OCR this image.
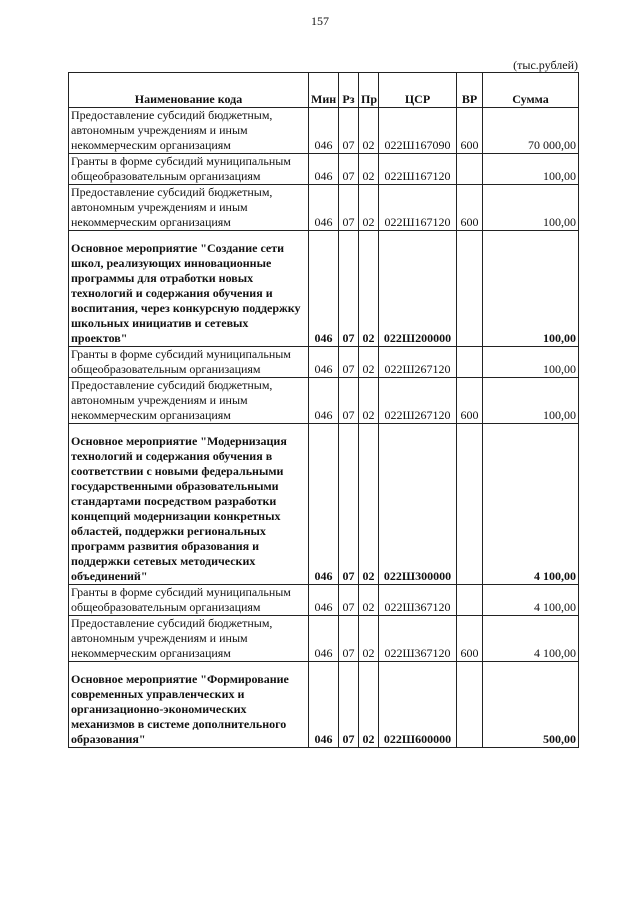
157
(тыс.рублей)
Наименование кода	Мин	Рз	Пр	ЦСР	ВР	Сумма
Предоставление субсидий бюджетным, автономным учреждениям и иным некоммерческим организациям	046	07	02	022Ш167090	600	70 000,00
Гранты в форме субсидий муниципальным общеобразовательным организациям	046	07	02	022Ш167120		100,00
Предоставление субсидий бюджетным, автономным учреждениям и иным некоммерческим организациям	046	07	02	022Ш167120	600	100,00
Основное мероприятие "Создание сети школ, реализующих инновационные программы для отработки новых технологий и содержания обучения и воспитания, через конкурсную поддержку школьных инициатив и сетевых проектов"	046	07	02	022Ш200000		100,00
Гранты в форме субсидий муниципальным общеобразовательным организациям	046	07	02	022Ш267120		100,00
Предоставление субсидий бюджетным, автономным учреждениям и иным некоммерческим организациям	046	07	02	022Ш267120	600	100,00
Основное мероприятие "Модернизация технологий и содержания обучения в соответствии с новыми федеральными государственными образовательными стандартами посредством разработки концепций модернизации конкретных областей, поддержки региональных программ развития образования и поддержки сетевых методических объединений"	046	07	02	022Ш300000		4 100,00
Гранты в форме субсидий муниципальным общеобразовательным организациям	046	07	02	022Ш367120		4 100,00
Предоставление субсидий бюджетным, автономным учреждениям и иным некоммерческим организациям	046	07	02	022Ш367120	600	4 100,00
Основное мероприятие "Формирование современных управленческих и организационно-экономических механизмов в системе дополнительного образования"	046	07	02	022Ш600000		500,00
